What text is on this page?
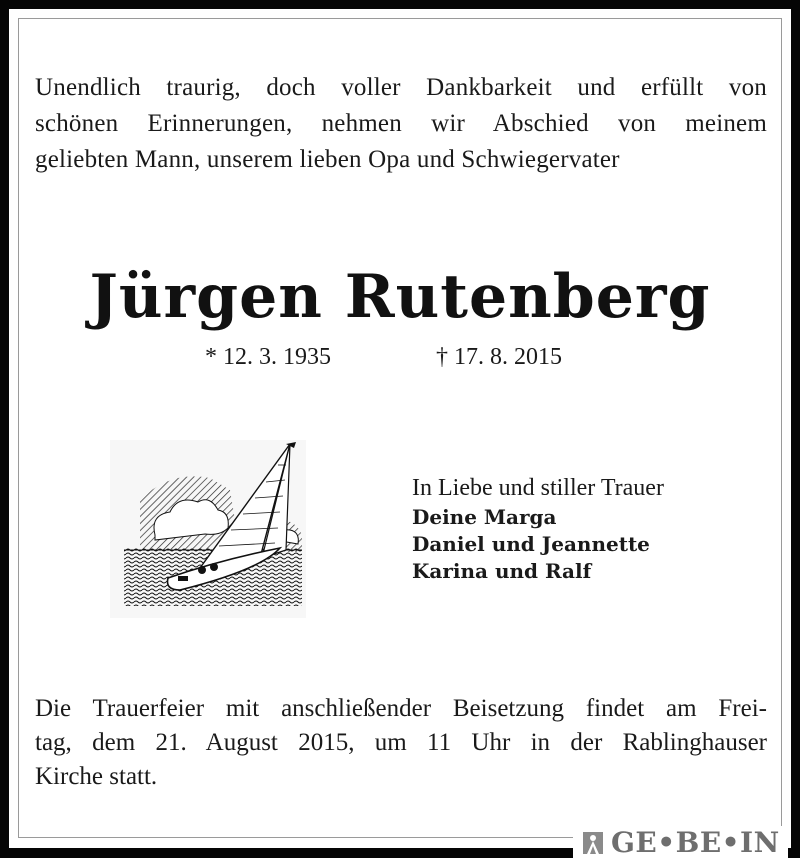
Unendlich traurig, doch voller Dankbarkeit und erfüllt von
schönen Erinnerungen, nehmen wir Abschied von meinem
geliebten Mann, unserem lieben Opa und Schwiegervater
Jürgen Rutenberg
* 12. 3. 1935	† 17. 8. 2015
In Liebe und stiller Trauer
Deine Marga
Daniel und Jeannette
Karina und Ralf
Die Trauerfeier mit anschließender Beisetzung findet am Frei-
tag, dem 21. August 2015, um 11 Uhr in der Rablinghauser
Kirche statt.
GE•BE•IN
